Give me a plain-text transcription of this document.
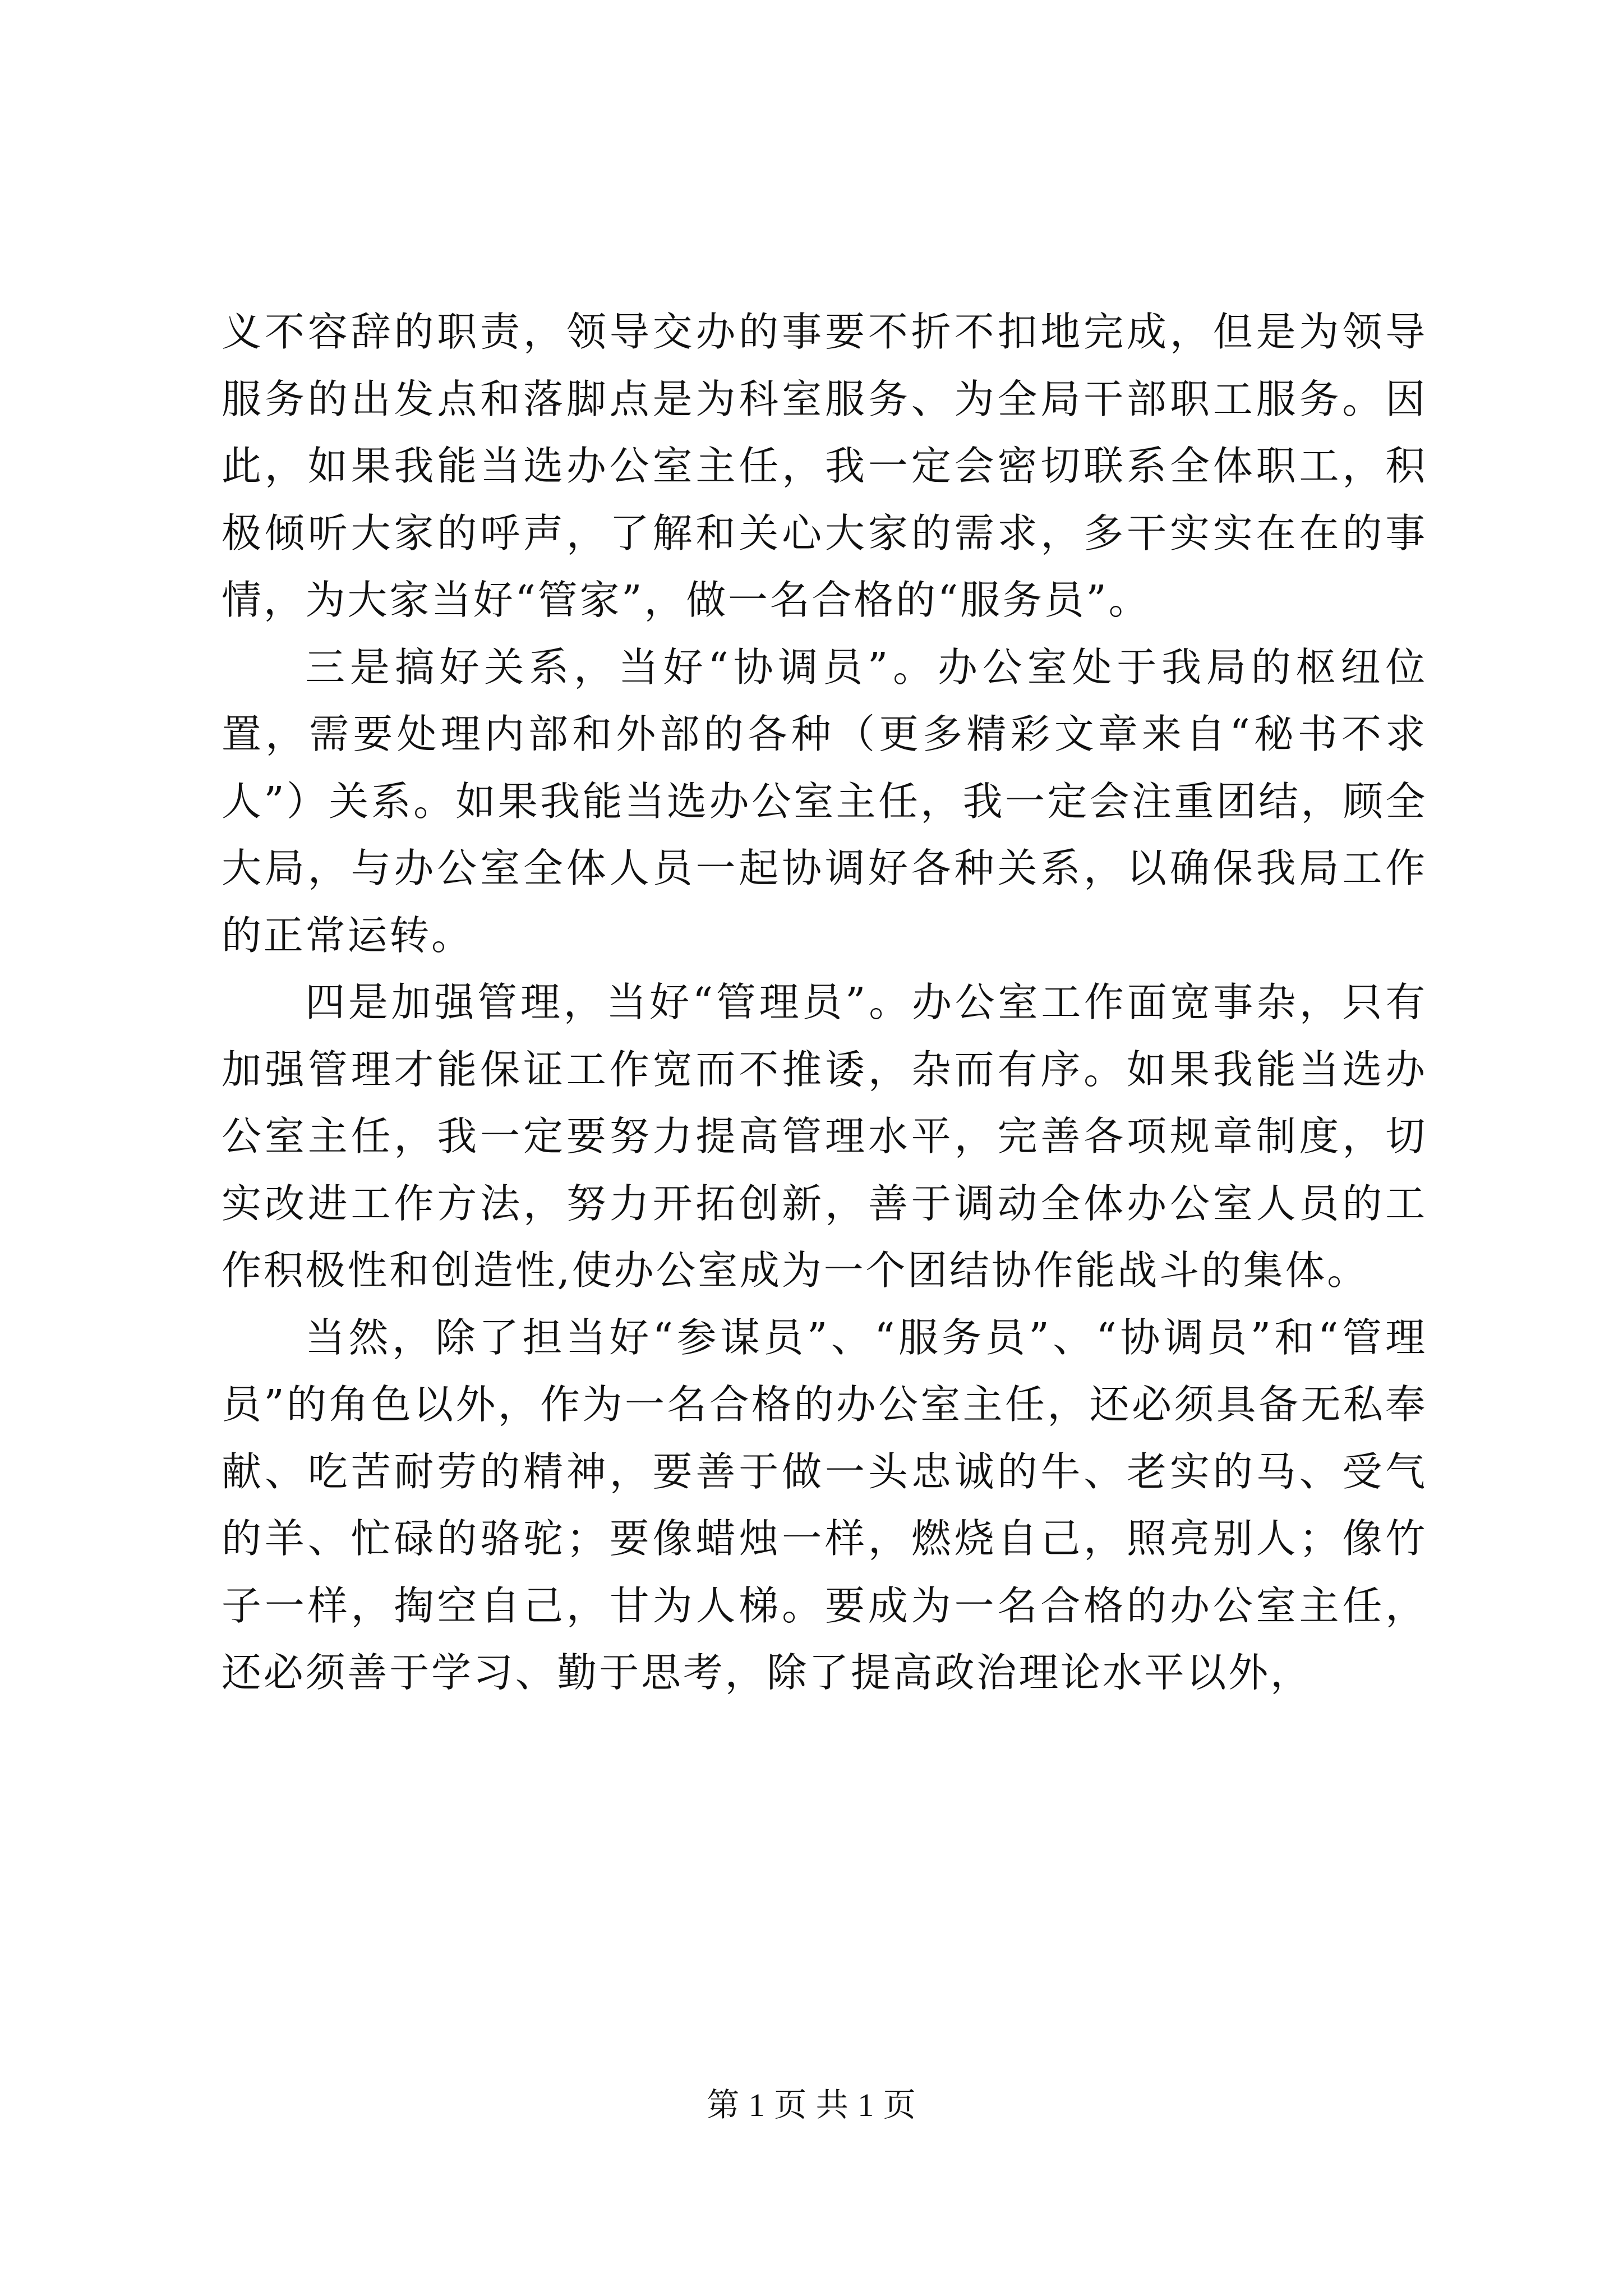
义不容辞的职责，领导交办的事要不折不扣地完成，但是为领导服务的出发点和落脚点是为科室服务、为全局干部职工服务。因此，如果我能当选办公室主任，我一定会密切联系全体职工，积极倾听大家的呼声，了解和关心大家的需求，多干实实在在的事情，为大家当好“管家”，做一名合格的“服务员”。

三是搞好关系，当好“协调员”。办公室处于我局的枢纽位置，需要处理内部和外部的各种（更多精彩文章来自“秘书不求人”）关系。如果我能当选办公室主任，我一定会注重团结，顾全大局，与办公室全体人员一起协调好各种关系，以确保我局工作的正常运转。

四是加强管理，当好“管理员”。办公室工作面宽事杂，只有加强管理才能保证工作宽而不推诿，杂而有序。如果我能当选办公室主任，我一定要努力提高管理水平，完善各项规章制度，切实改进工作方法，努力开拓创新，善于调动全体办公室人员的工作积极性和创造性,使办公室成为一个团结协作能战斗的集体。

当然，除了担当好“参谋员”、“服务员”、“协调员”和“管理员”的角色以外，作为一名合格的办公室主任，还必须具备无私奉献、吃苦耐劳的精神，要善于做一头忠诚的牛、老实的马、受气的羊、忙碌的骆驼；要像蜡烛一样，燃烧自己，照亮别人；像竹子一样，掏空自己，甘为人梯。要成为一名合格的办公室主任，还必须善于学习、勤于思考，除了提高政治理论水平以外，

第 1 页 共 1 页
